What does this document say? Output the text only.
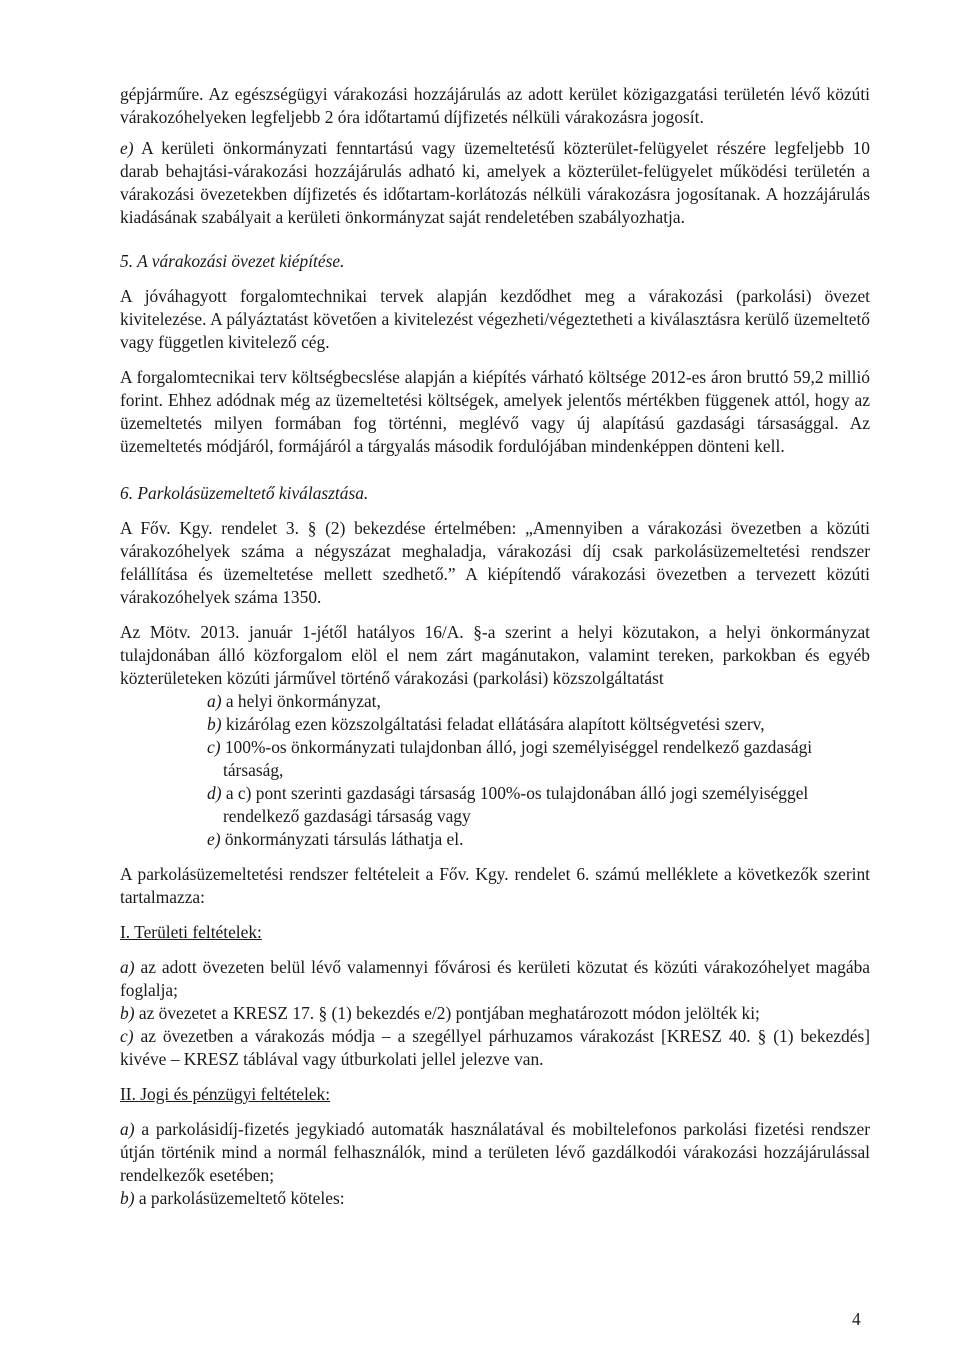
gépjárműre. Az egészségügyi várakozási hozzájárulás az adott kerület közigazgatási területén lévő közúti várakozóhelyeken legfeljebb 2 óra időtartamú díjfizetés nélküli várakozásra jogosít.

e) A kerületi önkormányzati fenntartású vagy üzemeltetésű közterület-felügyelet részére legfeljebb 10 darab behajtási-várakozási hozzájárulás adható ki, amelyek a közterület-felügyelet működési területén a várakozási övezetekben díjfizetés és időtartam-korlátozás nélküli várakozásra jogosítanak. A hozzájárulás kiadásának szabályait a kerületi önkormányzat saját rendeletében szabályozhatja.

5. A várakozási övezet kiépítése.

A jóváhagyott forgalomtechnikai tervek alapján kezdődhet meg a várakozási (parkolási) övezet kivitelezése. A pályáztatást követően a kivitelezést végezheti/végeztetheti a kiválasztásra kerülő üzemeltető vagy független kivitelező cég.

A forgalomtecnikai terv költségbecslése alapján a kiépítés várható költsége 2012-es áron bruttó 59,2 millió forint. Ehhez adódnak még az üzemeltetési költségek, amelyek jelentős mértékben függenek attól, hogy az üzemeltetés milyen formában fog történni, meglévő vagy új alapítású gazdasági társasággal. Az üzemeltetés módjáról, formájáról a tárgyalás második fordulójában mindenképpen dönteni kell.

6. Parkolásüzemeltető kiválasztása.

A Főv. Kgy. rendelet 3. § (2) bekezdése értelmében: „Amennyiben a várakozási övezetben a közúti várakozóhelyek száma a négyszázat meghaladja, várakozási díj csak parkolásüzemeltetési rendszer felállítása és üzemeltetése mellett szedhető.” A kiépítendő várakozási övezetben a tervezett közúti várakozóhelyek száma 1350.

Az Mötv. 2013. január 1-jétől hatályos 16/A. §-a szerint a helyi közutakon, a helyi önkormányzat tulajdonában álló közforgalom elöl el nem zárt magánutakon, valamint tereken, parkokban és egyéb közterületeken közúti járművel történő várakozási (parkolási) közszolgáltatást

a) a helyi önkormányzat,
b) kizárólag ezen közszolgáltatási feladat ellátására alapított költségvetési szerv,
c) 100%-os önkormányzati tulajdonban álló, jogi személyiséggel rendelkező gazdasági társaság,
d) a c) pont szerinti gazdasági társaság 100%-os tulajdonában álló jogi személyiséggel rendelkező gazdasági társaság vagy
e) önkormányzati társulás láthatja el.

A parkolásüzemeltetési rendszer feltételeit a Főv. Kgy. rendelet 6. számú melléklete a következők szerint tartalmazza:

I. Területi feltételek:

a) az adott övezeten belül lévő valamennyi fővárosi és kerületi közutat és közúti várakozóhelyet magába foglalja;

b) az övezetet a KRESZ 17. § (1) bekezdés e/2) pontjában meghatározott módon jelölték ki;

c) az övezetben a várakozás módja – a szegéllyel párhuzamos várakozást [KRESZ 40. § (1) bekezdés] kivéve – KRESZ táblával vagy útburkolati jellel jelezve van.

II. Jogi és pénzügyi feltételek:

a) a parkolásidíj-fizetés jegykiadó automaták használatával és mobiltelefonos parkolási fizetési rendszer útján történik mind a normál felhasználók, mind a területen lévő gazdálkodói várakozási hozzájárulással rendelkezők esetében;

b) a parkolásüzemeltető köteles:

4
